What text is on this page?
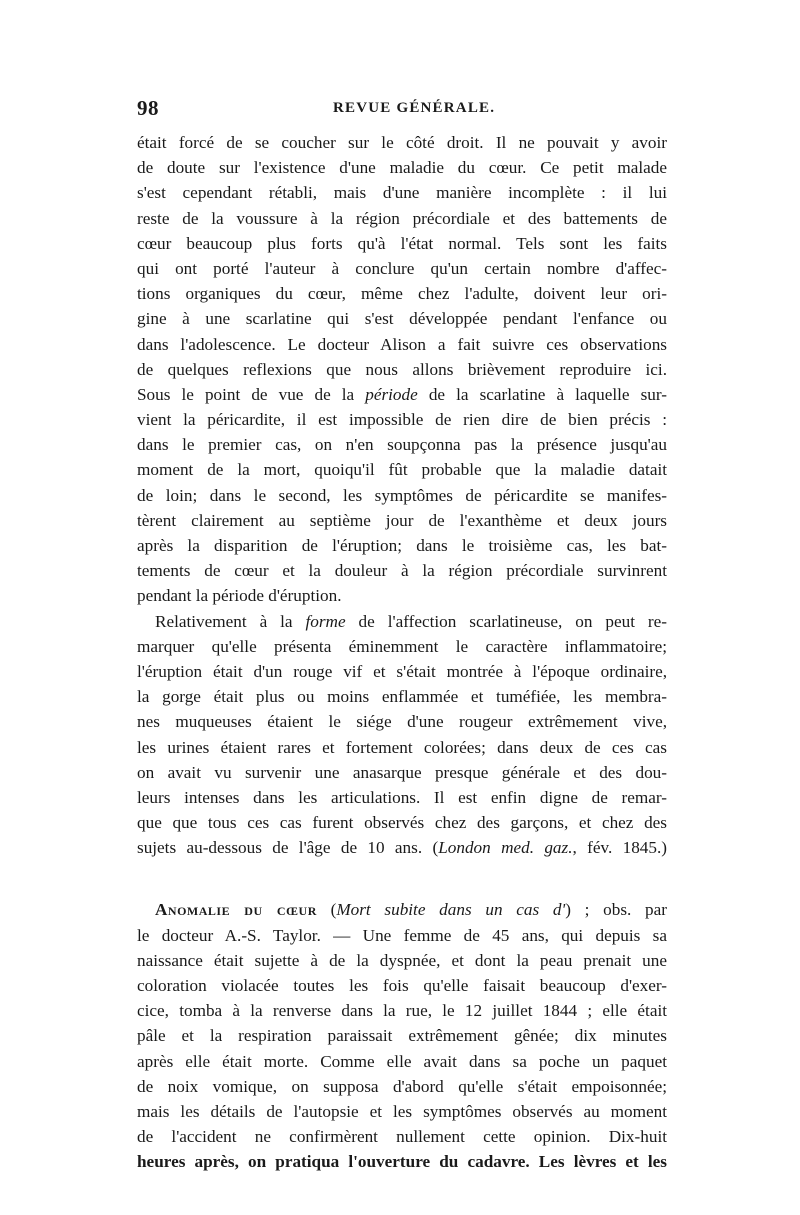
98	REVUE GÉNÉRALE.
était forcé de se coucher sur le côté droit. Il ne pouvait y avoir
de doute sur l'existence d'une maladie du cœur. Ce petit malade
s'est cependant rétabli, mais d'une manière incomplète : il lui
reste de la voussure à la région précordiale et des battements de
cœur beaucoup plus forts qu'à l'état normal. Tels sont les faits
qui ont porté l'auteur à conclure qu'un certain nombre d'affec-
tions organiques du cœur, même chez l'adulte, doivent leur ori-
gine à une scarlatine qui s'est développée pendant l'enfance ou
dans l'adolescence. Le docteur Alison a fait suivre ces observations
de quelques reflexions que nous allons brièvement reproduire ici.
Sous le point de vue de la période de la scarlatine à laquelle sur-
vient la péricardite, il est impossible de rien dire de bien précis :
dans le premier cas, on n'en soupçonna pas la présence jusqu'au
moment de la mort, quoiqu'il fût probable que la maladie datait
de loin; dans le second, les symptômes de péricardite se manifes-
tèrent clairement au septième jour de l'exanthème et deux jours
après la disparition de l'éruption; dans le troisième cas, les bat-
tements de cœur et la douleur à la région précordiale survinrent
pendant la période d'éruption.
Relativement à la forme de l'affection scarlatineuse, on peut re-
marquer qu'elle présenta éminemment le caractère inflammatoire;
l'éruption était d'un rouge vif et s'était montrée à l'époque ordinaire,
la gorge était plus ou moins enflammée et tuméfiée, les membra-
nes muqueuses étaient le siége d'une rougeur extrêmement vive,
les urines étaient rares et fortement colorées; dans deux de ces cas
on avait vu survenir une anasarque presque générale et des dou-
leurs intenses dans les articulations. Il est enfin digne de remar-
que que tous ces cas furent observés chez des garçons, et chez des
sujets au-dessous de l'âge de 10 ans. (London med. gaz., fév. 1845.)
Anomalie du cœur (Mort subite dans un cas d') ; obs. par
le docteur A.-S. Taylor. — Une femme de 45 ans, qui depuis sa
naissance était sujette à de la dyspnée, et dont la peau prenait une
coloration violacée toutes les fois qu'elle faisait beaucoup d'exer-
cice, tomba à la renverse dans la rue, le 12 juillet 1844 ; elle était
pâle et la respiration paraissait extrêmement gênée; dix minutes
après elle était morte. Comme elle avait dans sa poche un paquet
de noix vomique, on supposa d'abord qu'elle s'était empoisonnée;
mais les détails de l'autopsie et les symptômes observés au moment
de l'accident ne confirmèrent nullement cette opinion. Dix-huit
heures après, on pratiqua l'ouverture du cadavre. Les lèvres et les
